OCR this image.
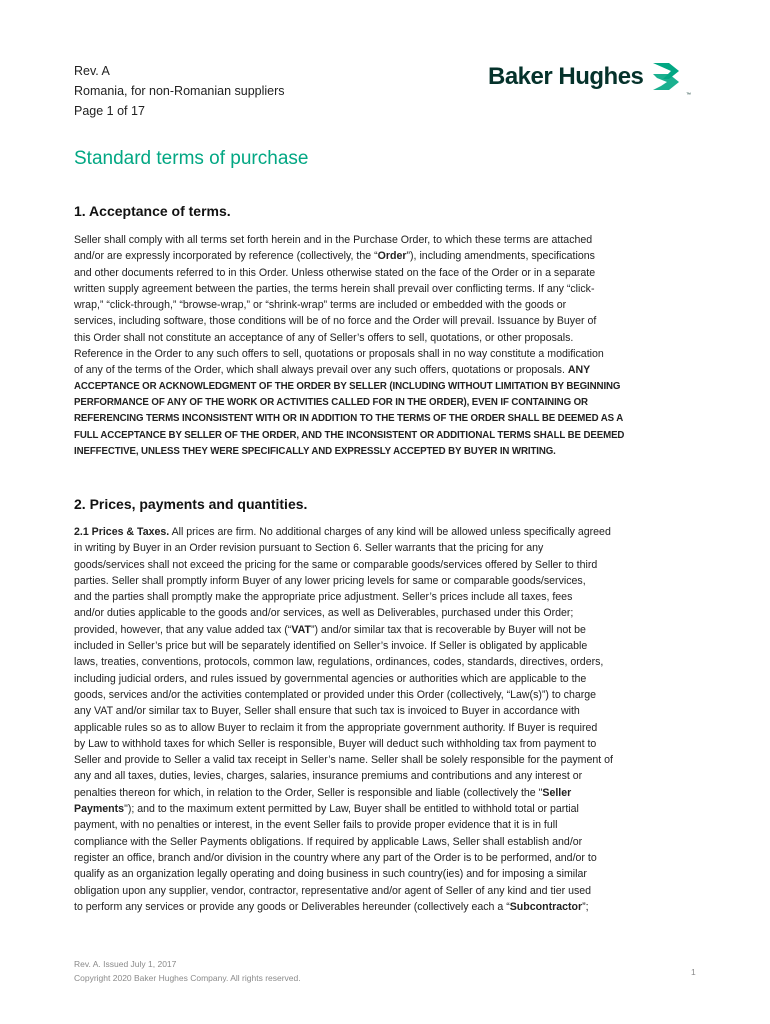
Rev. A
Romania, for non-Romanian suppliers
Page 1 of 17
Baker Hughes
™
Standard terms of purchase
1. Acceptance of terms.
Seller shall comply with all terms set forth herein and in the Purchase Order, to which these terms are attached
and/or are expressly incorporated by reference (collectively, the “Order”), including amendments, specifications
and other documents referred to in this Order. Unless otherwise stated on the face of the Order or in a separate
written supply agreement between the parties, the terms herein shall prevail over conflicting terms. If any “click-
wrap,” “click-through,” “browse-wrap,” or “shrink-wrap” terms are included or embedded with the goods or
services, including software, those conditions will be of no force and the Order will prevail. Issuance by Buyer of
this Order shall not constitute an acceptance of any of Seller’s offers to sell, quotations, or other proposals.
Reference in the Order to any such offers to sell, quotations or proposals shall in no way constitute a modification
of any of the terms of the Order, which shall always prevail over any such offers, quotations or proposals. ANY
ACCEPTANCE OR ACKNOWLEDGMENT OF THE ORDER BY SELLER (INCLUDING WITHOUT LIMITATION BY BEGINNING
PERFORMANCE OF ANY OF THE WORK OR ACTIVITIES CALLED FOR IN THE ORDER), EVEN IF CONTAINING OR
REFERENCING TERMS INCONSISTENT WITH OR IN ADDITION TO THE TERMS OF THE ORDER SHALL BE DEEMED AS A
FULL ACCEPTANCE BY SELLER OF THE ORDER, AND THE INCONSISTENT OR ADDITIONAL TERMS SHALL BE DEEMED
INEFFECTIVE, UNLESS THEY WERE SPECIFICALLY AND EXPRESSLY ACCEPTED BY BUYER IN WRITING.
2. Prices, payments and quantities.
2.1 Prices & Taxes. All prices are firm. No additional charges of any kind will be allowed unless specifically agreed
in writing by Buyer in an Order revision pursuant to Section 6. Seller warrants that the pricing for any
goods/services shall not exceed the pricing for the same or comparable goods/services offered by Seller to third
parties. Seller shall promptly inform Buyer of any lower pricing levels for same or comparable goods/services,
and the parties shall promptly make the appropriate price adjustment. Seller’s prices include all taxes, fees
and/or duties applicable to the goods and/or services, as well as Deliverables, purchased under this Order;
provided, however, that any value added tax (“VAT”) and/or similar tax that is recoverable by Buyer will not be
included in Seller’s price but will be separately identified on Seller’s invoice. If Seller is obligated by applicable
laws, treaties, conventions, protocols, common law, regulations, ordinances, codes, standards, directives, orders,
including judicial orders, and rules issued by governmental agencies or authorities which are applicable to the
goods, services and/or the activities contemplated or provided under this Order (collectively, “Law(s)”) to charge
any VAT and/or similar tax to Buyer, Seller shall ensure that such tax is invoiced to Buyer in accordance with
applicable rules so as to allow Buyer to reclaim it from the appropriate government authority. If Buyer is required
by Law to withhold taxes for which Seller is responsible, Buyer will deduct such withholding tax from payment to
Seller and provide to Seller a valid tax receipt in Seller’s name. Seller shall be solely responsible for the payment of
any and all taxes, duties, levies, charges, salaries, insurance premiums and contributions and any interest or
penalties thereon for which, in relation to the Order, Seller is responsible and liable (collectively the "Seller
Payments"); and to the maximum extent permitted by Law, Buyer shall be entitled to withhold total or partial
payment, with no penalties or interest, in the event Seller fails to provide proper evidence that it is in full
compliance with the Seller Payments obligations. If required by applicable Laws, Seller shall establish and/or
register an office, branch and/or division in the country where any part of the Order is to be performed, and/or to
qualify as an organization legally operating and doing business in such country(ies) and for imposing a similar
obligation upon any supplier, vendor, contractor, representative and/or agent of Seller of any kind and tier used
to perform any services or provide any goods or Deliverables hereunder (collectively each a “Subcontractor”;
Rev. A. Issued July 1, 2017
Copyright 2020 Baker Hughes Company. All rights reserved.
1
